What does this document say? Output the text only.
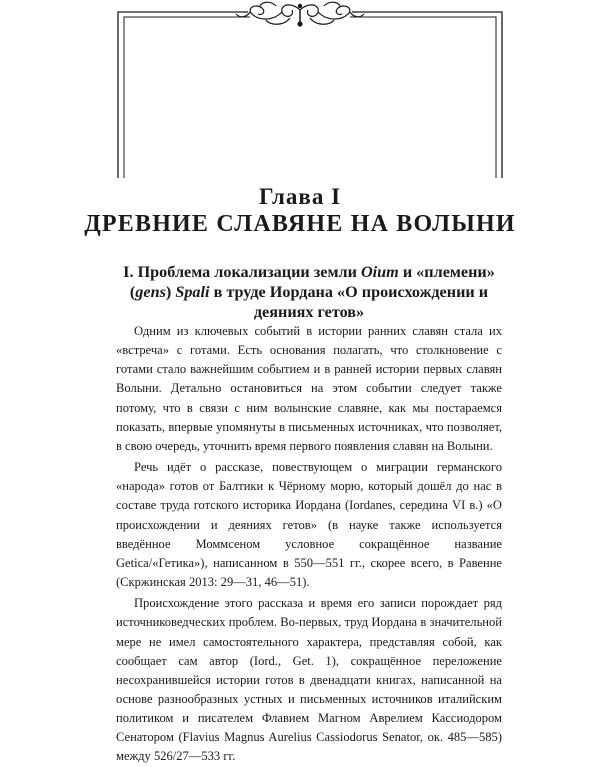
Глава I
ДРЕВНИЕ СЛАВЯНЕ НА ВОЛЫНИ
I. Проблема локализации земли Oium и «племени»
(gens) Spali в труде Иордана «О происхождении и деяниях гетов»

Одним из ключевых событий в истории ранних славян стала их «встреча» с готами. Есть основания полагать, что столкновение с готами стало важнейшим событием и в ранней истории первых славян Волыни. Детально остановиться на этом событии следует также потому, что в связи с ним волынские славяне, как мы постараемся показать, впервые упомянуты в письменных источниках, что позволяет, в свою очередь, уточнить время первого появления славян на Волыни.

Речь идёт о рассказе, повествующем о миграции германского «народа» готов от Балтики к Чёрному морю, который дошёл до нас в составе труда готского историка Иордана (Iordanes, середина VI в.) «О происхождении и деяниях гетов» (в науке также используется введённое Моммсеном условное сокращённое название Getica/«Гетика»), написанном в 550—551 гг., скорее всего, в Равенне (Скржинская 2013: 29—31, 46—51).

Происхождение этого рассказа и время его записи порождает ряд источниковедческих проблем. Во-первых, труд Иордана в значительной мере не имел самостоятельного характера, представляя собой, как сообщает сам автор (Iord., Get. 1), сокращённое переложение несохранившейся истории готов в двенадцати книгах, написанной на основе разнообразных устных и письменных источников италийским политиком и писателем Флавием Магном Аврелием Кассиодором Сенатором (Flavius Magnus Aurelius Cassiodorus Senator, ок. 485—585) между 526/27—533 гг.
